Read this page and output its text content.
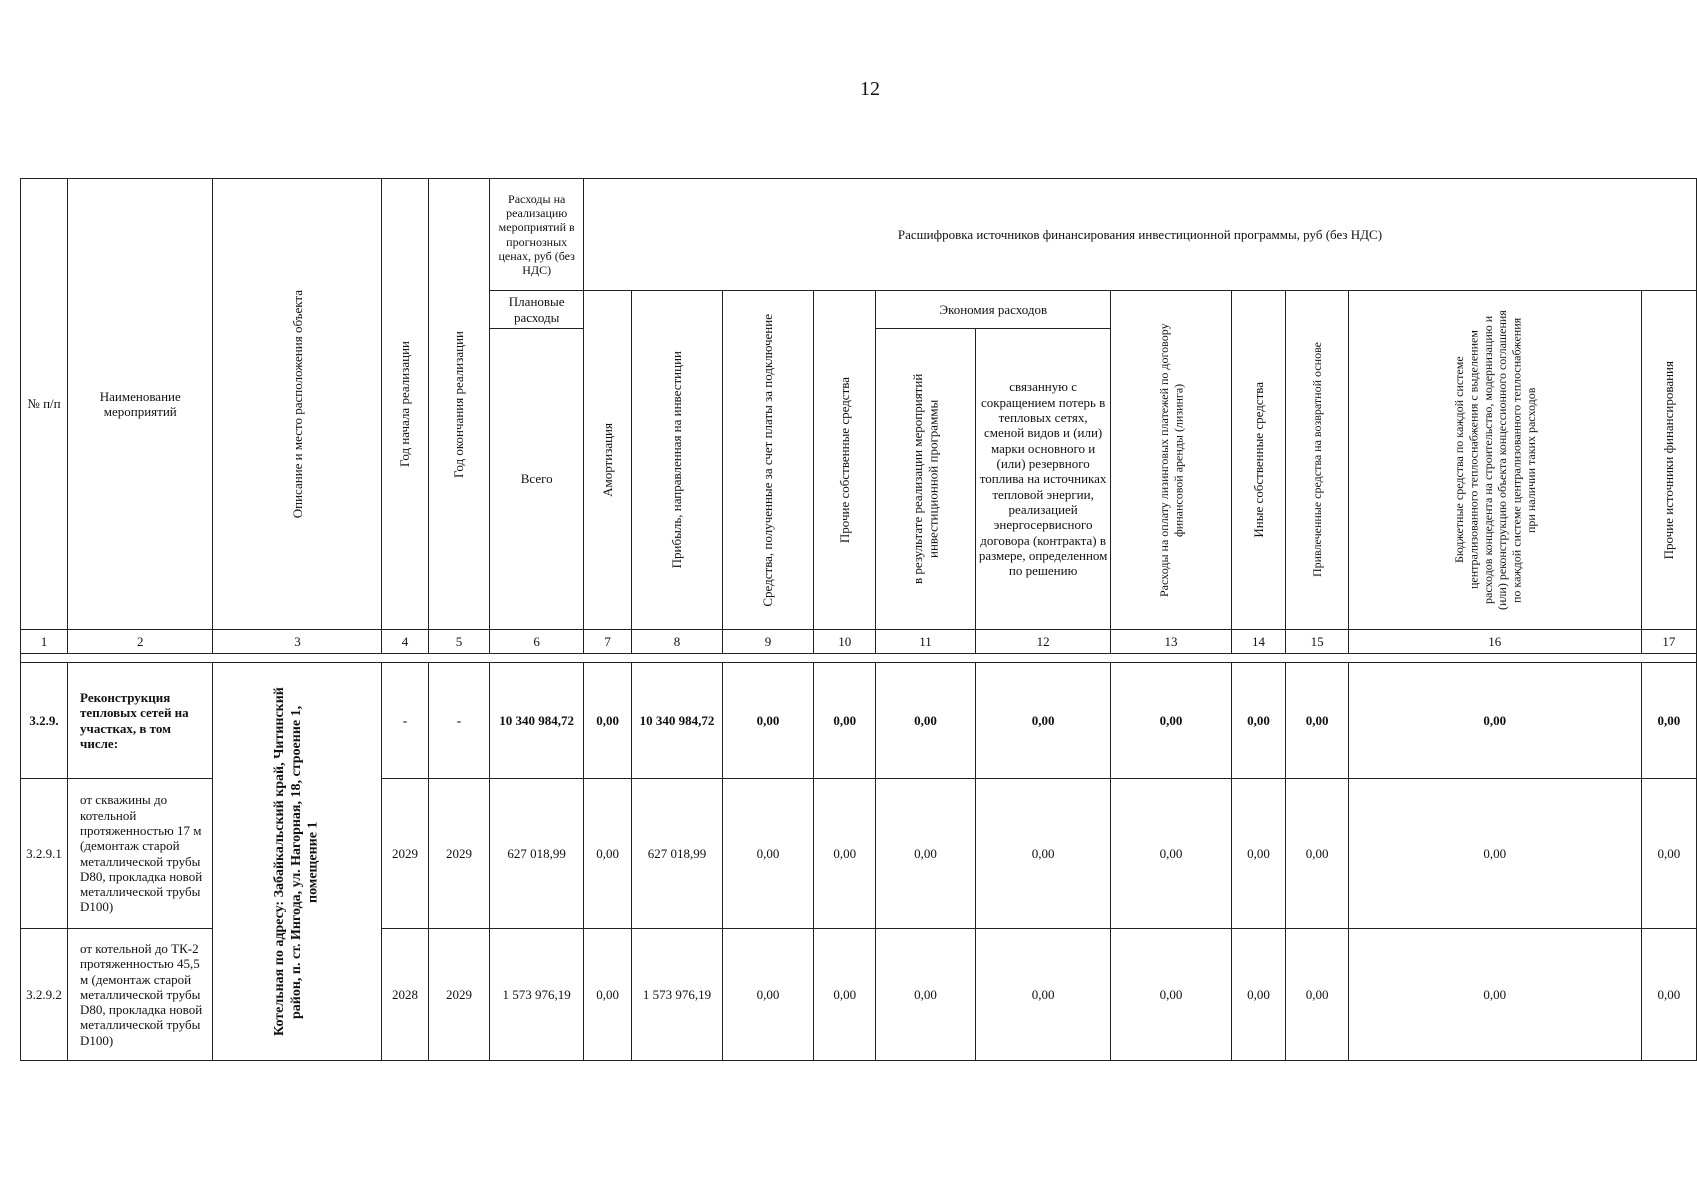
12
№ п/п	Наименование мероприятий	Описание и место расположения объекта	Год начала реализации	Год окончания реализации	Расходы на реализацию мероприятий в прогнозных ценах, руб (без НДС)	Расшифровка источников финансирования инвестиционной программы, руб (без НДС)										
					Плановые расходы	Амортизация	Прибыль, направленная на инвестиции	Средства, полученные за счет платы за подключение	Прочие собственные средства	Экономия расходов		Расходы на оплату лизинговых платежей по договору финансовой аренды (лизинга)	Иные собственные средства	Привлеченные средства на возвратной основе	Бюджетные средства по каждой системе централизованного теплоснабжения с выделением расходов концедента на строительство, модернизацию и (или) реконструкцию объекта концессионного соглашения по каждой системе централизованного теплоснабжения при наличии таких расходов	Прочие источники финансирования

					Всего					в результате реализации мероприятий инвестиционной программы	связанную с сокращением потерь в тепловых сетях, сменой видов и (или) марки основного и (или) резервного топлива на источниках тепловой энергии, реализацией энергосервисного договора (контракта) в размере, определенном по решению					
1	2	3	4	5	6	7	8	9	10	11	12	13	14	15	16	17

3.2.9.	Реконструкция тепловых сетей на участках, в том числе:	Котельная по адресу: Забайкальский край, Читинский район, п. ст. Ингода, ул. Нагорная, 18, строение 1, помещение 1	-	-	10 340 984,72	0,00	10 340 984,72	0,00	0,00	0,00	0,00	0,00	0,00	0,00	0,00	0,00
3.2.9.1	от скважины до котельной протяженностью 17 м (демонтаж старой металлической трубы D80, прокладка новой металлической трубы D100)		2029	2029	627 018,99	0,00	627 018,99	0,00	0,00	0,00	0,00	0,00	0,00	0,00	0,00	0,00
3.2.9.2	от котельной до ТК-2 протяженностью 45,5 м (демонтаж старой металлической трубы D80, прокладка новой металлической трубы D100)		2028	2029	1 573 976,19	0,00	1 573 976,19	0,00	0,00	0,00	0,00	0,00	0,00	0,00	0,00	0,00
